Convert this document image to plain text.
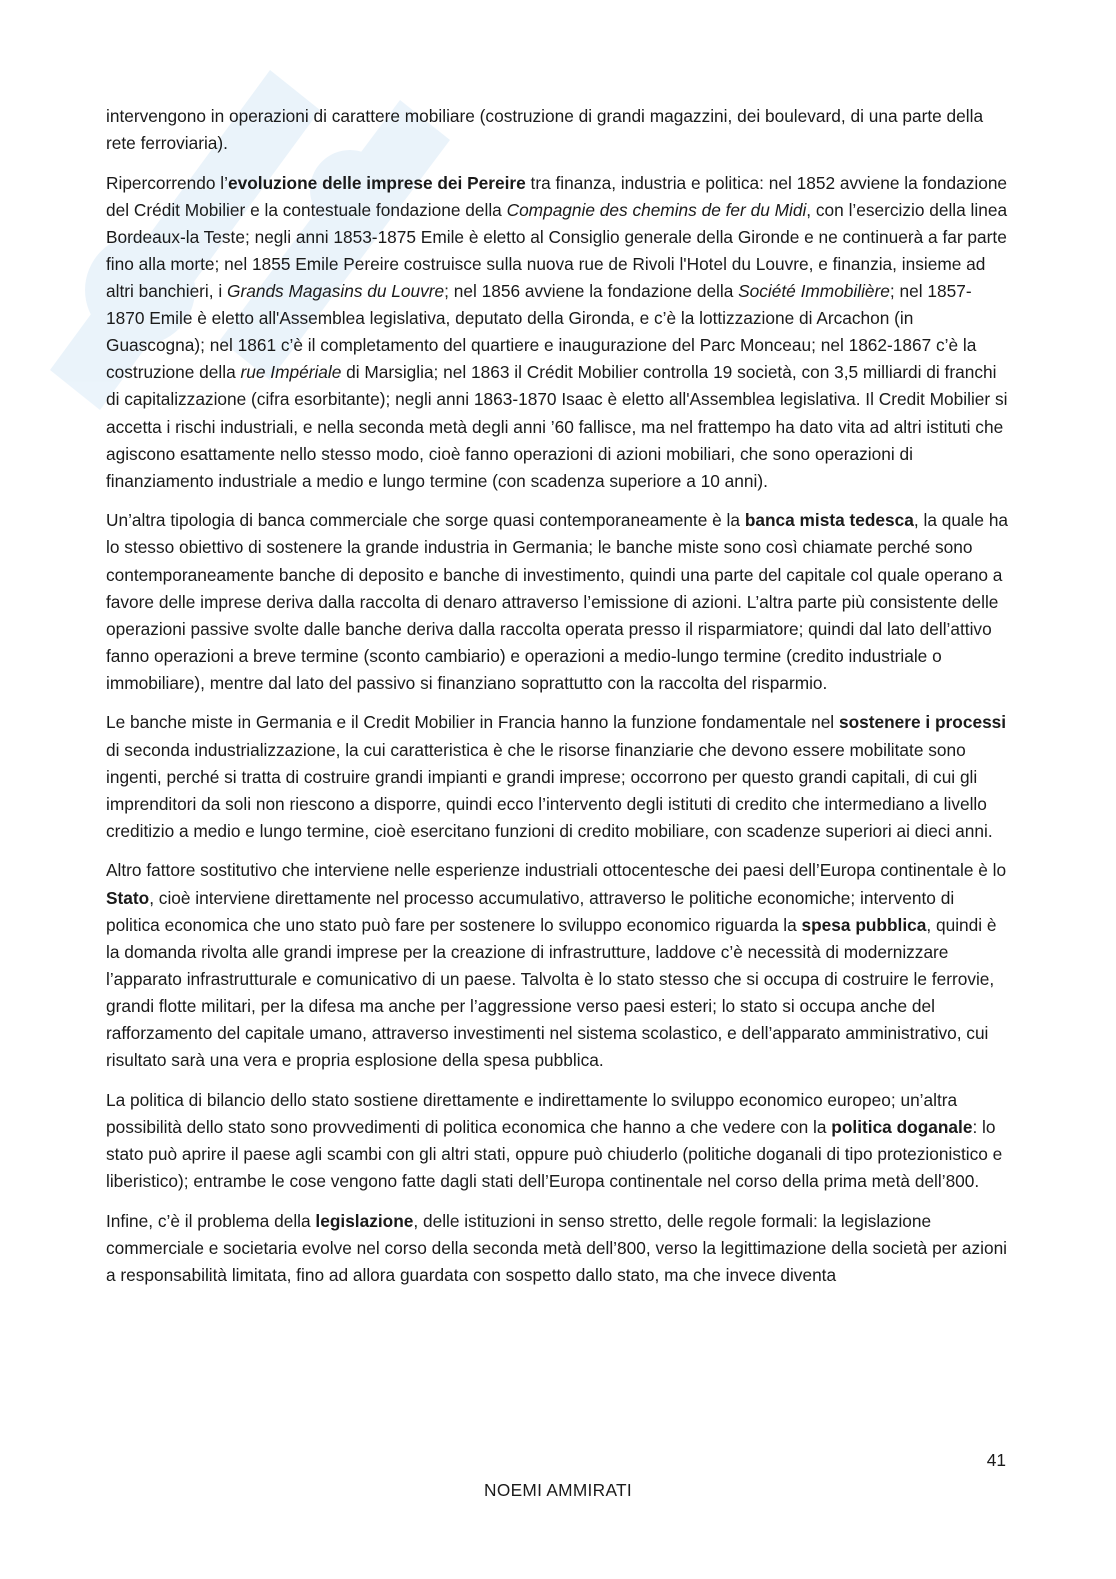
intervengono in operazioni di carattere mobiliare (costruzione di grandi magazzini, dei boulevard, di una parte della rete ferroviaria).

Ripercorrendo l’evoluzione delle imprese dei Pereire tra finanza, industria e politica: nel 1852 avviene la fondazione del Crédit Mobilier e la contestuale fondazione della Compagnie des chemins de fer du Midi, con l’esercizio della linea Bordeaux-la Teste; negli anni 1853-1875 Emile è eletto al Consiglio generale della Gironde e ne continuerà a far parte fino alla morte; nel 1855 Emile Pereire costruisce sulla nuova rue de Rivoli l'Hotel du Louvre, e finanzia, insieme ad altri banchieri, i Grands Magasins du Louvre; nel 1856 avviene la fondazione della Société Immobilière; nel 1857-1870 Emile è eletto all'Assemblea legislativa, deputato della Gironda, e c’è la lottizzazione di Arcachon (in Guascogna); nel 1861 c’è il completamento del quartiere e inaugurazione del Parc Monceau; nel 1862-1867 c’è la costruzione della rue Impériale di Marsiglia; nel 1863 il Crédit Mobilier controlla 19 società, con 3,5 milliardi di franchi di capitalizzazione (cifra esorbitante); negli anni 1863-1870 Isaac è eletto all'Assemblea legislativa. Il Credit Mobilier si accetta i rischi industriali, e nella seconda metà degli anni ’60 fallisce, ma nel frattempo ha dato vita ad altri istituti che agiscono esattamente nello stesso modo, cioè fanno operazioni di azioni mobiliari, che sono operazioni di finanziamento industriale a medio e lungo termine (con scadenza superiore a 10 anni).

Un’altra tipologia di banca commerciale che sorge quasi contemporaneamente è la banca mista tedesca, la quale ha lo stesso obiettivo di sostenere la grande industria in Germania; le banche miste sono così chiamate perché sono contemporaneamente banche di deposito e banche di investimento, quindi una parte del capitale col quale operano a favore delle imprese deriva dalla raccolta di denaro attraverso l’emissione di azioni. L’altra parte più consistente delle operazioni passive svolte dalle banche deriva dalla raccolta operata presso il risparmiatore; quindi dal lato dell’attivo fanno operazioni a breve termine (sconto cambiario) e operazioni a medio-lungo termine (credito industriale o immobiliare), mentre dal lato del passivo si finanziano soprattutto con la raccolta del risparmio.

Le banche miste in Germania e il Credit Mobilier in Francia hanno la funzione fondamentale nel sostenere i processi di seconda industrializzazione, la cui caratteristica è che le risorse finanziarie che devono essere mobilitate sono ingenti, perché si tratta di costruire grandi impianti e grandi imprese; occorrono per questo grandi capitali, di cui gli imprenditori da soli non riescono a disporre, quindi ecco l’intervento degli istituti di credito che intermediano a livello creditizio a medio e lungo termine, cioè esercitano funzioni di credito mobiliare, con scadenze superiori ai dieci anni.

Altro fattore sostitutivo che interviene nelle esperienze industriali ottocentesche dei paesi dell’Europa continentale è lo Stato, cioè interviene direttamente nel processo accumulativo, attraverso le politiche economiche; intervento di politica economica che uno stato può fare per sostenere lo sviluppo economico riguarda la spesa pubblica, quindi è la domanda rivolta alle grandi imprese per la creazione di infrastrutture, laddove c’è necessità di modernizzare l’apparato infrastrutturale e comunicativo di un paese. Talvolta è lo stato stesso che si occupa di costruire le ferrovie, grandi flotte militari, per la difesa ma anche per l’aggressione verso paesi esteri; lo stato si occupa anche del rafforzamento del capitale umano, attraverso investimenti nel sistema scolastico, e dell’apparato amministrativo, cui risultato sarà una vera e propria esplosione della spesa pubblica.

La politica di bilancio dello stato sostiene direttamente e indirettamente lo sviluppo economico europeo; un’altra possibilità dello stato sono provvedimenti di politica economica che hanno a che vedere con la politica doganale: lo stato può aprire il paese agli scambi con gli altri stati, oppure può chiuderlo (politiche doganali di tipo protezionistico e liberistico); entrambe le cose vengono fatte dagli stati dell’Europa continentale nel corso della prima metà dell’800.

Infine, c’è il problema della legislazione, delle istituzioni in senso stretto, delle regole formali: la legislazione commerciale e societaria evolve nel corso della seconda metà dell’800, verso la legittimazione della società per azioni a responsabilità limitata, fino ad allora guardata con sospetto dallo stato, ma che invece diventa

41
NOEMI AMMIRATI
